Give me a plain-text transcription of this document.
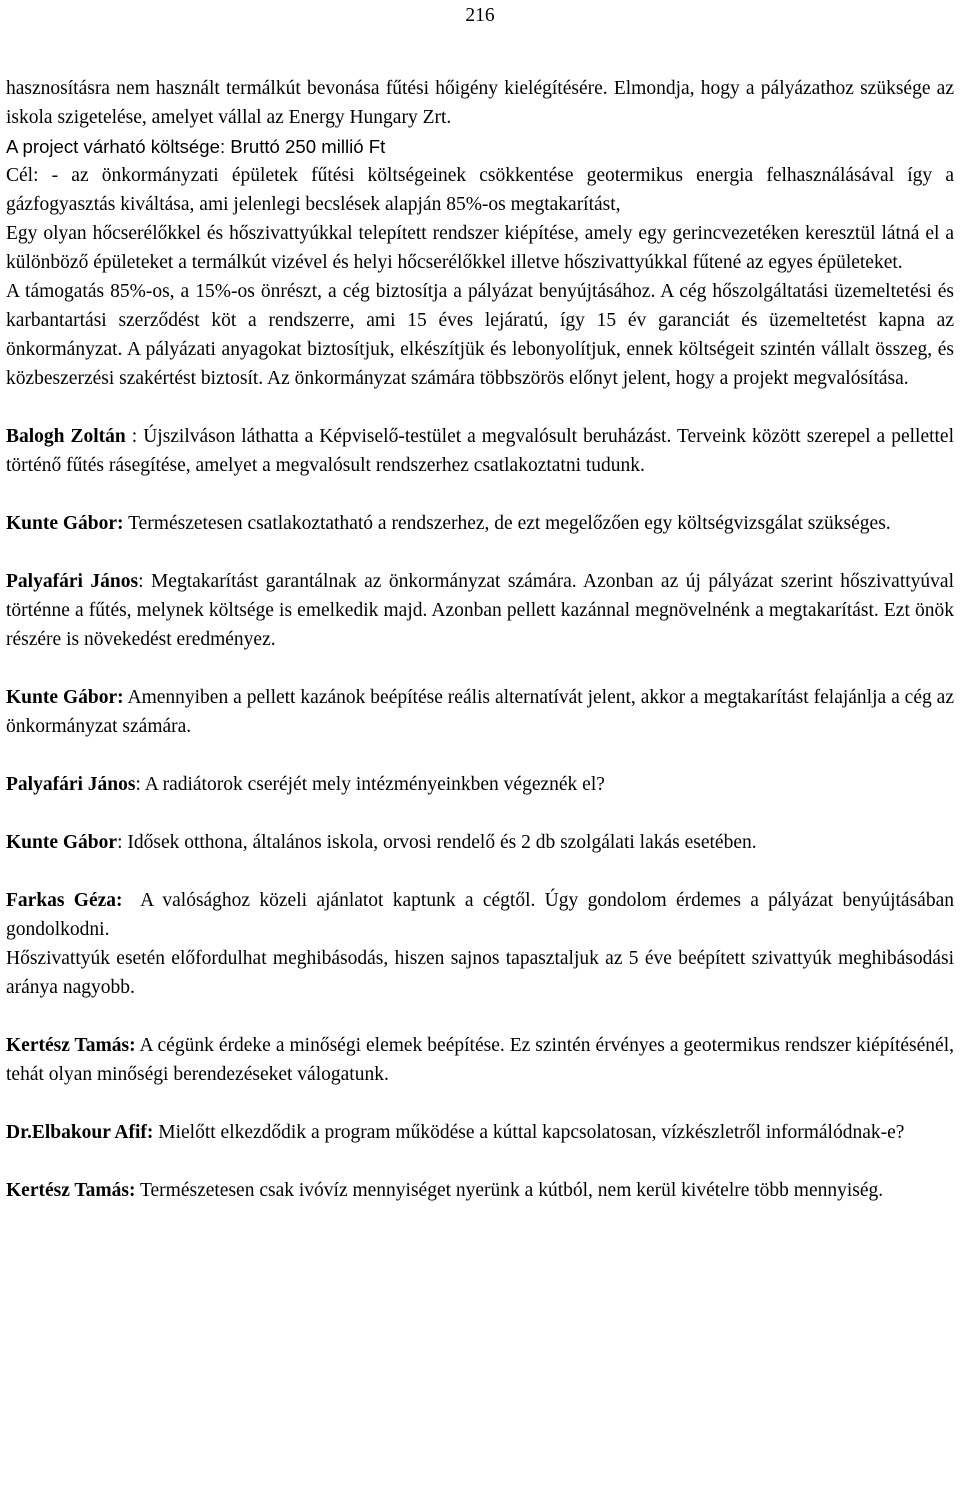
216

hasznosításra nem használt termálkút bevonása fűtési hőigény kielégítésére. Elmondja, hogy a pályázathoz szüksége az iskola szigetelése, amelyet vállal az Energy Hungary Zrt.

A project várható költsége: Bruttó 250 millió Ft

Cél: - az önkormányzati épületek fűtési költségeinek csökkentése geotermikus energia felhasználásával így a gázfogyasztás kiváltása, ami jelenlegi becslések alapján 85%-os megtakarítást,

Egy olyan hőcserélőkkel és hőszivattyúkkal telepített rendszer kiépítése, amely egy gerincvezetéken keresztül látná el a különböző épületeket a termálkút vizével és helyi hőcserélőkkel illetve hőszivattyúkkal fűtené az egyes épületeket.

A támogatás 85%-os, a 15%-os önrészt, a cég biztosítja a pályázat benyújtásához. A cég hőszolgáltatási üzemeltetési és karbantartási szerződést köt a rendszerre, ami 15 éves lejáratú, így 15 év garanciát és üzemeltetést kapna az önkormányzat. A pályázati anyagokat biztosítjuk, elkészítjük és lebonyolítjuk, ennek költségeit szintén vállalt összeg, és közbeszerzési szakértést biztosít. Az önkormányzat számára többszörös előnyt jelent, hogy a projekt megvalósítása.

Balogh Zoltán : Újszilváson láthatta a Képviselő-testület a megvalósult beruházást. Terveink között szerepel a pellettel történő fűtés rásegítése, amelyet a megvalósult rendszerhez csatlakoztatni tudunk.

Kunte Gábor: Természetesen csatlakoztatható a rendszerhez, de ezt megelőzően egy költségvizsgálat szükséges.

Palyafári János: Megtakarítást garantálnak az önkormányzat számára. Azonban az új pályázat szerint hőszivattyúval történne a fűtés, melynek költsége is emelkedik majd. Azonban pellett kazánnal megnövelnénk a megtakarítást. Ezt önök részére is növekedést eredményez.

Kunte Gábor: Amennyiben a pellett kazánok beépítése reális alternatívát jelent, akkor a megtakarítást felajánlja a cég az önkormányzat számára.

Palyafári János: A radiátorok cseréjét mely intézményeinkben végeznék el?

Kunte Gábor: Idősek otthona, általános iskola, orvosi rendelő és 2 db szolgálati lakás esetében.

Farkas Géza: A valósághoz közeli ajánlatot kaptunk a cégtől. Úgy gondolom érdemes a pályázat benyújtásában gondolkodni.

Hőszivattyúk esetén előfordulhat meghibásodás, hiszen sajnos tapasztaljuk az 5 éve beépített szivattyúk meghibásodási aránya nagyobb.

Kertész Tamás: A cégünk érdeke a minőségi elemek beépítése. Ez szintén érvényes a geotermikus rendszer kiépítésénél, tehát olyan minőségi berendezéseket válogatunk.

Dr.Elbakour Afif: Mielőtt elkezdődik a program működése a kúttal kapcsolatosan, vízkészletről informálódnak-e?

Kertész Tamás: Természetesen csak ivóvíz mennyiséget nyerünk a kútból, nem kerül kivételre több mennyiség.
